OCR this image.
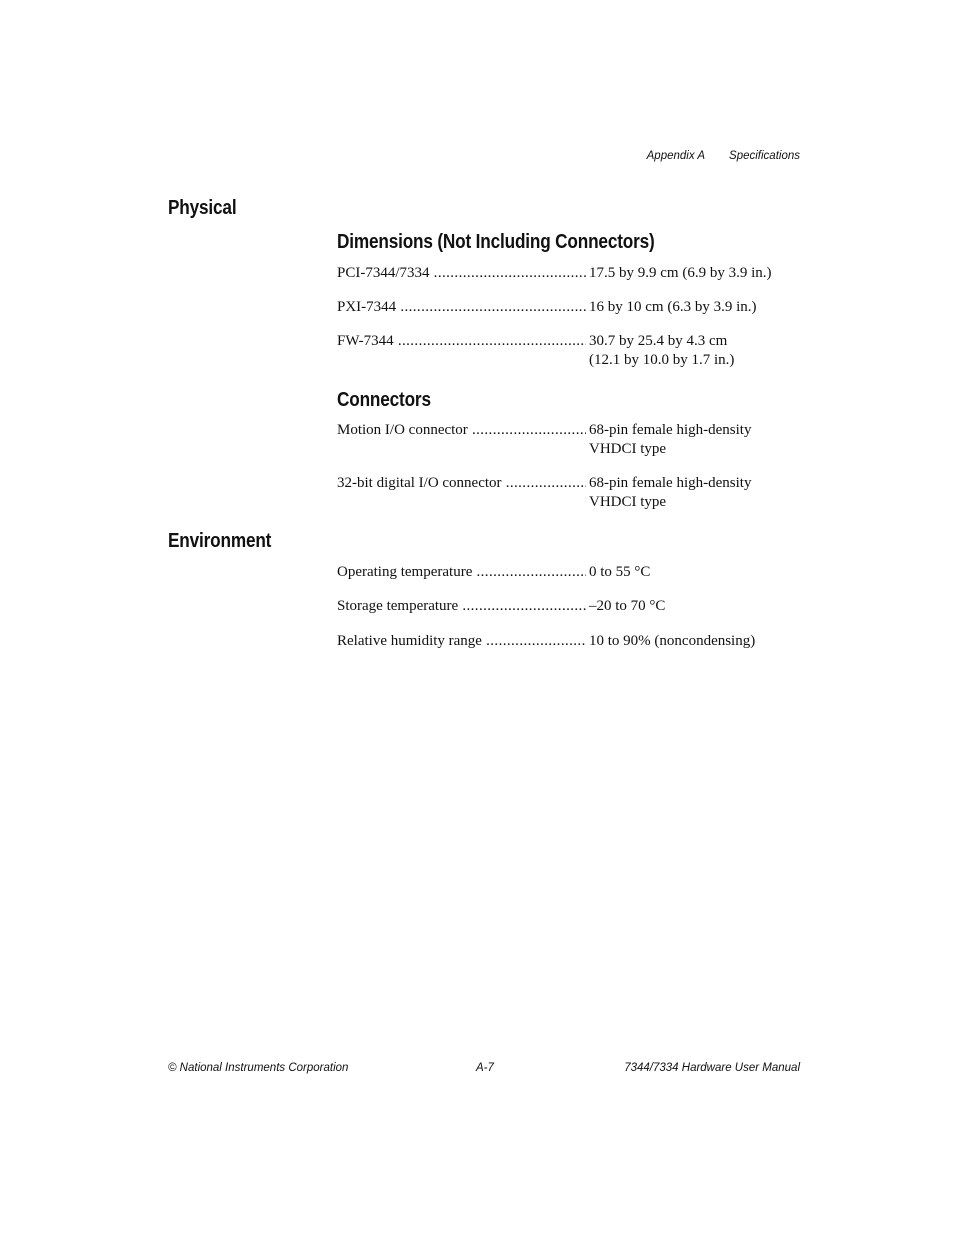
Appendix A Specifications
Physical
Dimensions (Not Including Connectors)
PCI-7344/7334 .....	17.5 by 9.9 cm (6.9 by 3.9 in.)
PXI-7344 .....	16 by 10 cm (6.3 by 3.9 in.)
FW-7344 .....	30.7 by 25.4 by 4.3 cm
(12.1 by 10.0 by 1.7 in.)
Connectors
Motion I/O connector .....	68-pin female high-density
VHDCI type
32-bit digital I/O connector .....	68-pin female high-density
VHDCI type
Environment
Operating temperature .....	0 to 55 °C
Storage temperature .....	–20 to 70 °C
Relative humidity range .....	10 to 90% (noncondensing)
© National Instruments Corporation	A-7	7344/7334 Hardware User Manual
